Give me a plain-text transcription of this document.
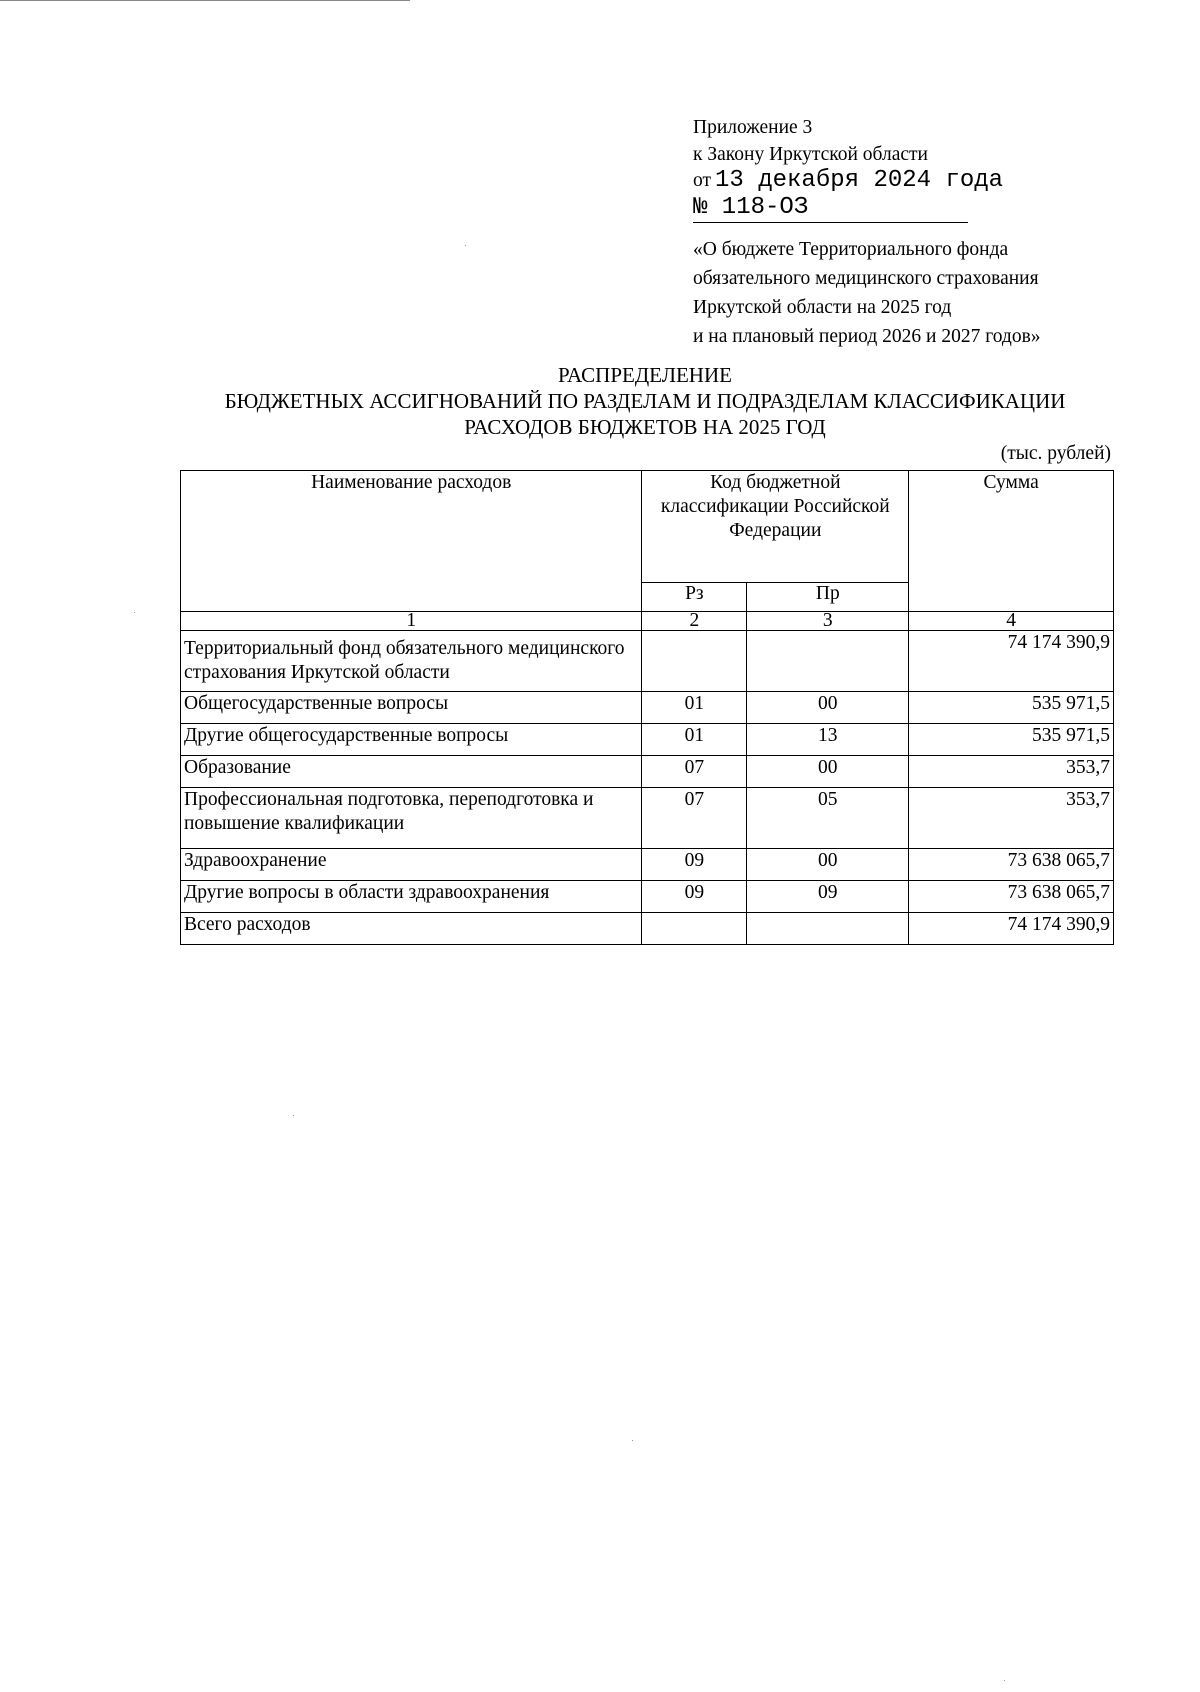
Приложение 3
к Закону Иркутской области
от 13 декабря 2024 года
№ 118-ОЗ
«О бюджете Территориального фонда
обязательного медицинского страхования
Иркутской области на 2025 год
и на плановый период 2026 и 2027 годов»
РАСПРЕДЕЛЕНИЕ
БЮДЖЕТНЫХ АССИГНОВАНИЙ ПО РАЗДЕЛАМ И ПОДРАЗДЕЛАМ КЛАССИФИКАЦИИ
РАСХОДОВ БЮДЖЕТОВ НА 2025 ГОД
(тыс. рублей)
Наименование расходов	Код бюджетной классификации Российской Федерации		Сумма
	Рз	Пр	
1	2	3	4
Территориальный фонд обязательного медицинского страхования Иркутской области			74 174 390,9
Общегосударственные вопросы	01	00	535 971,5
Другие общегосударственные вопросы	01	13	535 971,5
Образование	07	00	353,7
Профессиональная подготовка, переподготовка и повышение квалификации	07	05	353,7
Здравоохранение	09	00	73 638 065,7
Другие вопросы в области здравоохранения	09	09	73 638 065,7
Всего расходов			74 174 390,9
